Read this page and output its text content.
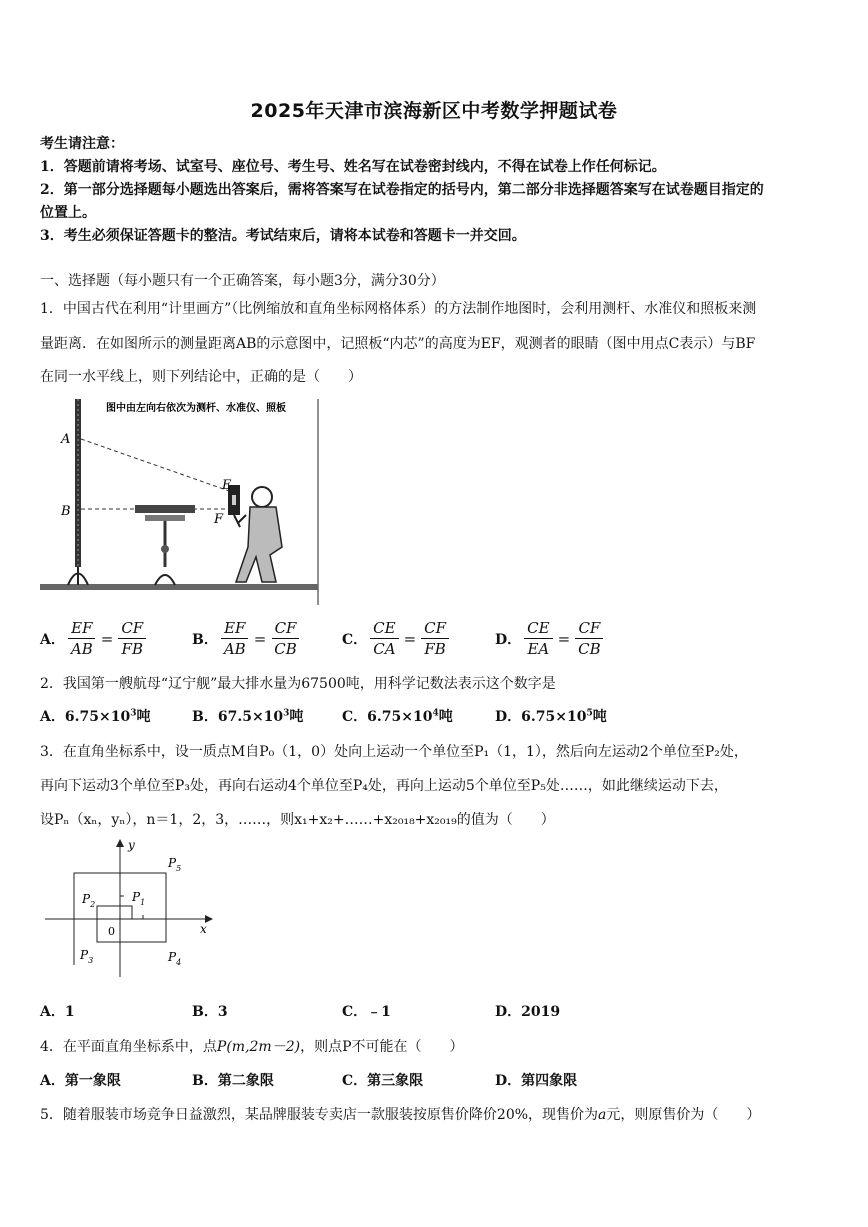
2025年天津市滨海新区中考数学押题试卷
考生请注意：
1．答题前请将考场、试室号、座位号、考生号、姓名写在试卷密封线内，不得在试卷上作任何标记。
2．第一部分选择题每小题选出答案后，需将答案写在试卷指定的括号内，第二部分非选择题答案写在试卷题目指定的
位置上。
3．考生必须保证答题卡的整洁。考试结束后，请将本试卷和答题卡一并交回。
一、选择题（每小题只有一个正确答案，每小题3分，满分30分）
1．中国古代在利用“计里画方”（比例缩放和直角坐标网格体系）的方法制作地图时，会利用测杆、水准仪和照板来测
量距离．在如图所示的测量距离AB的示意图中，记照板“内芯”的高度为EF，观测者的眼睛（图中用点C表示）与BF
在同一水平线上，则下列结论中，正确的是（　　）
图中由左向右依次为测杆、水准仪、照板
A
B
E
F
A． $\frac{EF}{AB} = \frac{CF}{FB}$	B． $\frac{EF}{AB} = \frac{CF}{CB}$	C． $\frac{CE}{CA} = \frac{CF}{FB}$	D． $\frac{CE}{EA} = \frac{CF}{CB}$
2．我国第一艘航母“辽宁舰”最大排水量为67500吨，用科学记数法表示这个数字是
A．$6.75\times 10^3$吨	B．$67.5\times 10^3$吨	C．$6.75\times 10^4$吨	D．$6.75\times 10^5$吨
3．在直角坐标系中，设一质点M自P₀（1，0）处向上运动一个单位至P₁（1，1），然后向左运动2个单位至P₂处，
再向下运动3个单位至P₃处，再向右运动4个单位至P₄处，再向上运动5个单位至P₅处……，如此继续运动下去，
设Pₙ（xₙ，yₙ），n＝1，2，3，……，则x₁+x₂+……+x₂₀₁₈+x₂₀₁₉的值为（　　）
y
x
0
$P_1$
$P_2$
$P_3$	$P_4$
$P_5$
A．1	B．3	C．﹣1	D．2019
4．在平面直角坐标系中，点P(m,2m－2)，则点P不可能在（　　）
A．第一象限	B．第二象限	C．第三象限	D．第四象限
5．随着服装市场竞争日益激烈，某品牌服装专卖店一款服装按原售价降价20%，现售价为a元，则原售价为（　　）
